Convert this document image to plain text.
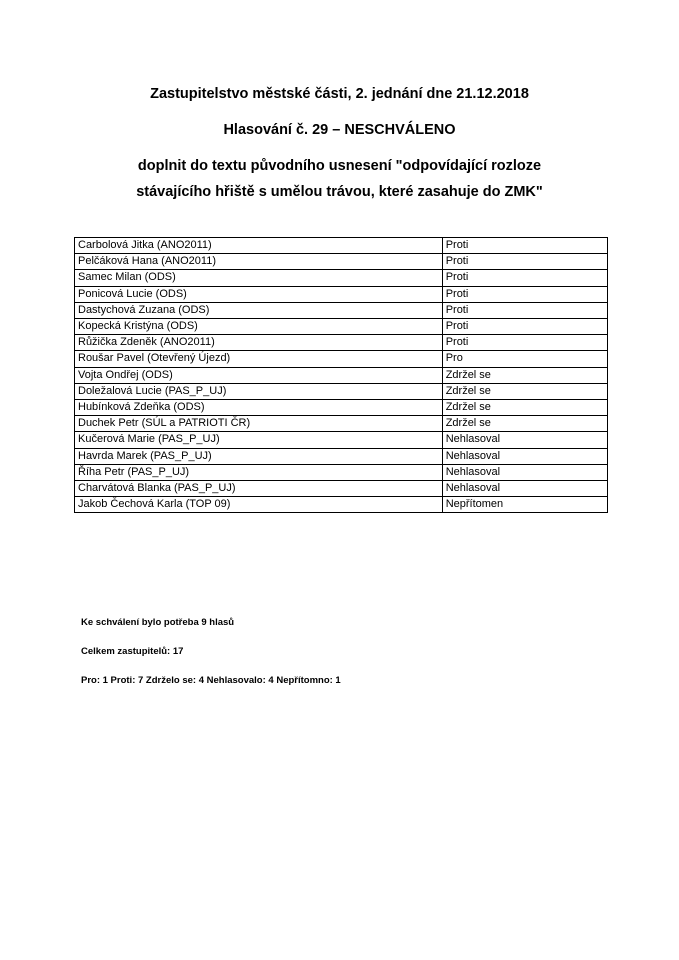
Zastupitelstvo městské části, 2. jednání dne 21.12.2018
Hlasování č. 29 – NESCHVÁLENO
doplnit do textu původního usnesení "odpovídající rozloze
stávajícího hřiště s umělou trávou, které zasahuje do ZMK"
Carbolová Jitka (ANO2011)	Proti
Pelčáková Hana (ANO2011)	Proti
Samec Milan (ODS)	Proti
Ponicová Lucie (ODS)	Proti
Dastychová Zuzana (ODS)	Proti
Kopecká Kristýna (ODS)	Proti
Růžička Zdeněk (ANO2011)	Proti
Roušar Pavel (Otevřený Újezd)	Pro
Vojta Ondřej (ODS)	Zdržel se
Doležalová Lucie (PAS_P_UJ)	Zdržel se
Hubínková Zdeňka (ODS)	Zdržel se
Duchek Petr (SÚL a PATRIOTI ČR)	Zdržel se
Kučerová Marie (PAS_P_UJ)	Nehlasoval
Havrda Marek (PAS_P_UJ)	Nehlasoval
Říha Petr (PAS_P_UJ)	Nehlasoval
Charvátová Blanka (PAS_P_UJ)	Nehlasoval
Jakob Čechová Karla (TOP 09)	Nepřítomen
Ke schválení bylo potřeba 9 hlasů
Celkem zastupitelů: 17
Pro: 1 Proti: 7 Zdrželo se: 4 Nehlasovalo: 4 Nepřítomno: 1
